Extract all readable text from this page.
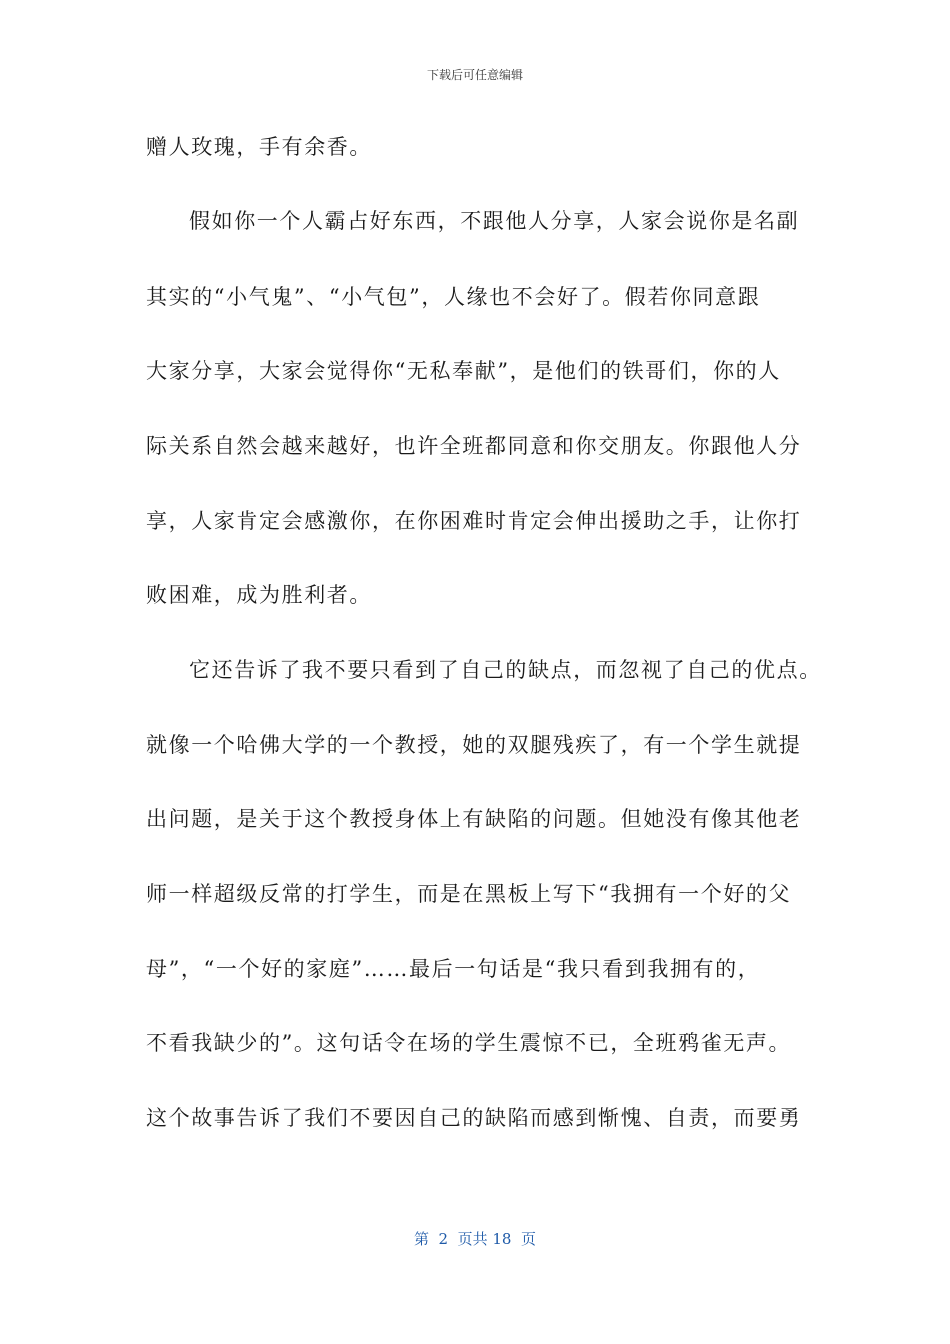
下载后可任意编辑
赠人玫瑰，手有余香。
假如你一个人霸占好东西，不跟他人分享，人家会说你是名副
其实的“小气鬼”、“小气包”，人缘也不会好了。假若你同意跟
大家分享，大家会觉得你“无私奉献”，是他们的铁哥们，你的人
际关系自然会越来越好，也许全班都同意和你交朋友。你跟他人分
享，人家肯定会感激你，在你困难时肯定会伸出援助之手，让你打
败困难，成为胜利者。
它还告诉了我不要只看到了自己的缺点，而忽视了自己的优点。
就像一个哈佛大学的一个教授，她的双腿残疾了，有一个学生就提
出问题，是关于这个教授身体上有缺陷的问题。但她没有像其他老
师一样超级反常的打学生，而是在黑板上写下“我拥有一个好的父
母”，“一个好的家庭”……最后一句话是“我只看到我拥有的，
不看我缺少的”。这句话令在场的学生震惊不已，全班鸦雀无声。
这个故事告诉了我们不要因自己的缺陷而感到惭愧、自责，而要勇
第  2  页共 18  页
